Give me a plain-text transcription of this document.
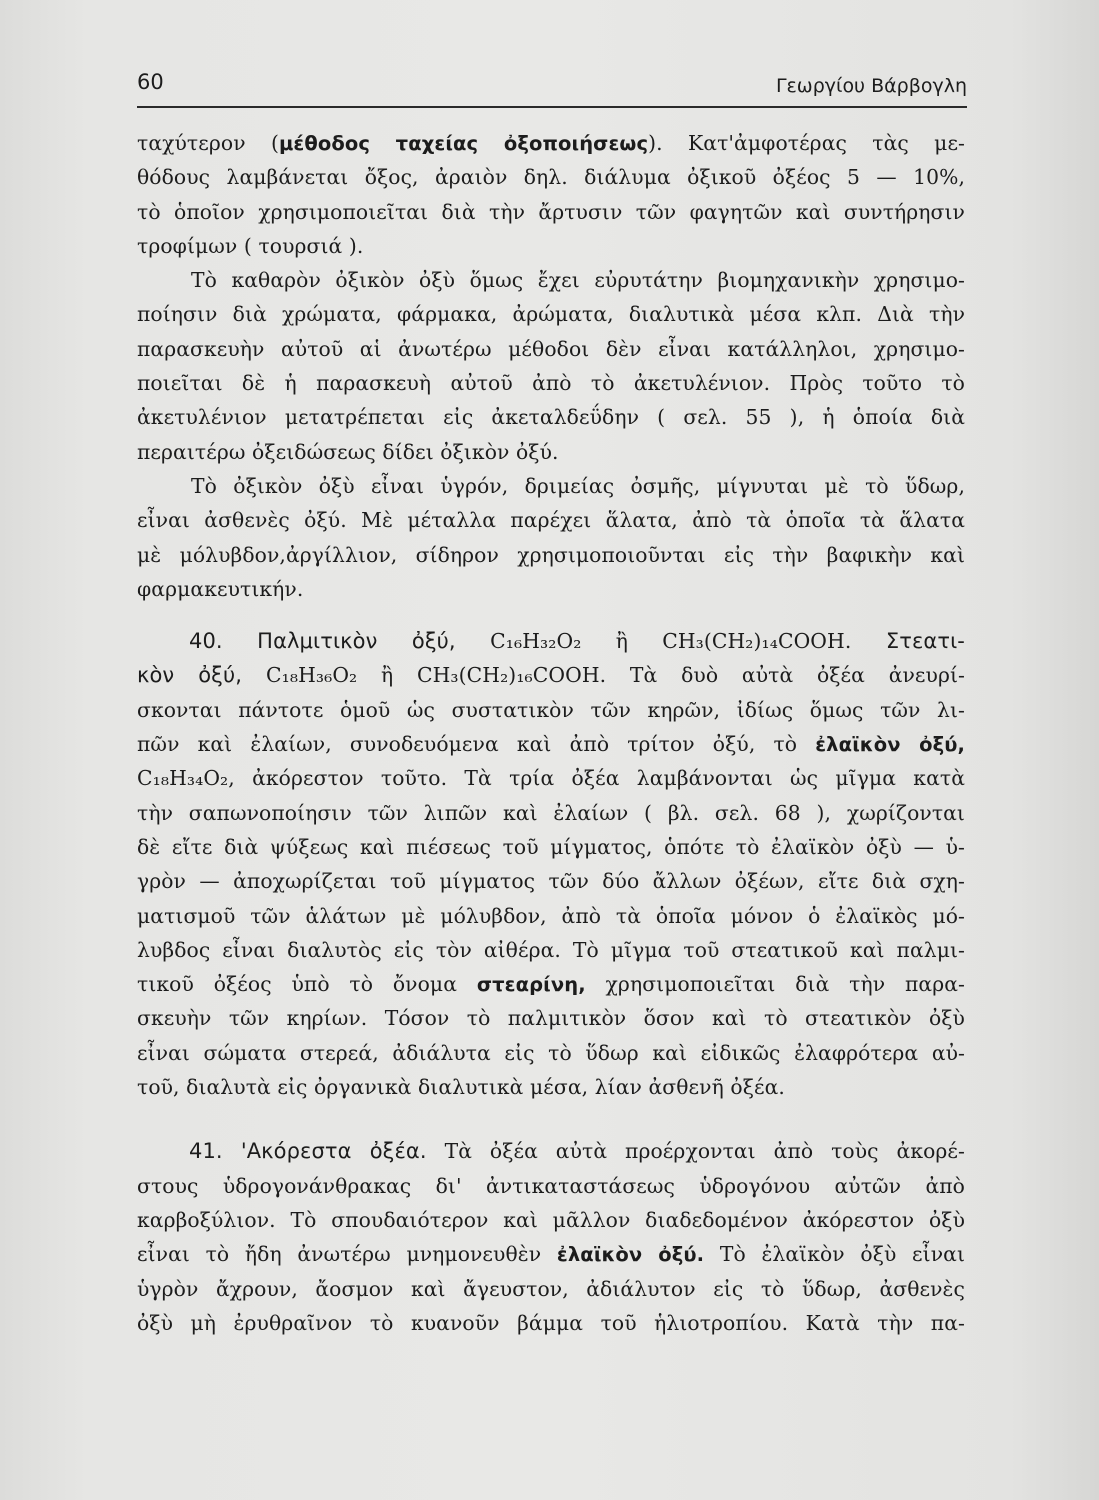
60	Γεωργίου Βάρβογλη
ταχύτερον (μέθοδος ταχείας ὀξοποιήσεως). Κατ'ἀμφοτέρας τὰς με-
θόδους λαμβάνεται ὄξος, ἀραιὸν δηλ. διάλυμα ὀξικοῦ ὀξέος 5 — 10%,
τὸ ὁποῖον χρησιμοποιεῖται διὰ τὴν ἄρτυσιν τῶν φαγητῶν καὶ συντήρησιν
τροφίμων ( τουρσιά ).
Τὸ καθαρὸν ὀξικὸν ὀξὺ ὅμως ἔχει εὐρυτάτην βιομηχανικὴν χρησιμο-
ποίησιν διὰ χρώματα, φάρμακα, ἀρώματα, διαλυτικὰ μέσα κλπ. Διὰ τὴν
παρασκευὴν αὐτοῦ αἱ ἀνωτέρω μέθοδοι δὲν εἶναι κατάλληλοι, χρησιμο-
ποιεῖται δὲ ἡ παρασκευὴ αὐτοῦ ἀπὸ τὸ ἀκετυλένιον. Πρὸς τοῦτο τὸ
ἀκετυλένιον μετατρέπεται εἰς ἀκεταλδεΰδην ( σελ. 55 ), ἡ ὁποία διὰ
περαιτέρω ὀξειδώσεως δίδει ὀξικὸν ὀξύ.
Τὸ ὀξικὸν ὀξὺ εἶναι ὑγρόν, δριμείας ὀσμῆς, μίγνυται μὲ τὸ ὕδωρ,
εἶναι ἀσθενὲς ὀξύ. Μὲ μέταλλα παρέχει ἅλατα, ἀπὸ τὰ ὁποῖα τὰ ἅλατα
μὲ μόλυβδον,ἀργίλλιον, σίδηρον χρησιμοποιοῦνται εἰς τὴν βαφικὴν καὶ
φαρμακευτικήν.
40. Παλμιτικὸν ὀξύ, C₁₆H₃₂O₂ ἢ CH₃(CH₂)₁₄COOH. Στεατι-
κὸν ὀξύ, C₁₈H₃₆O₂ ἢ CH₃(CH₂)₁₆COOH. Τὰ δυὸ αὐτὰ ὀξέα ἀνευρί-
σκονται πάντοτε ὁμοῦ ὡς συστατικὸν τῶν κηρῶν, ἰδίως ὅμως τῶν λι-
πῶν καὶ ἐλαίων, συνοδευόμενα καὶ ἀπὸ τρίτον ὀξύ, τὸ ἐλαϊκὸν ὀξύ,
C₁₈H₃₄O₂, ἀκόρεστον τοῦτο. Τὰ τρία ὀξέα λαμβάνονται ὡς μῖγμα κατὰ
τὴν σαπωνοποίησιν τῶν λιπῶν καὶ ἐλαίων ( βλ. σελ. 68 ), χωρίζονται
δὲ εἴτε διὰ ψύξεως καὶ πιέσεως τοῦ μίγματος, ὁπότε τὸ ἐλαϊκὸν ὀξὺ — ὑ-
γρὸν — ἀποχωρίζεται τοῦ μίγματος τῶν δύο ἄλλων ὀξέων, εἴτε διὰ σχη-
ματισμοῦ τῶν ἁλάτων μὲ μόλυβδον, ἀπὸ τὰ ὁποῖα μόνον ὁ ἐλαϊκὸς μό-
λυβδος εἶναι διαλυτὸς εἰς τὸν αἰθέρα. Τὸ μῖγμα τοῦ στεατικοῦ καὶ παλμι-
τικοῦ ὀξέος ὑπὸ τὸ ὄνομα στεαρίνη, χρησιμοποιεῖται διὰ τὴν παρα-
σκευὴν τῶν κηρίων. Τόσον τὸ παλμιτικὸν ὅσον καὶ τὸ στεατικὸν ὀξὺ
εἶναι σώματα στερεά, ἀδιάλυτα εἰς τὸ ὕδωρ καὶ εἰδικῶς ἐλαφρότερα αὐ-
τοῦ, διαλυτὰ εἰς ὀργανικὰ διαλυτικὰ μέσα, λίαν ἀσθενῆ ὀξέα.
41. 'Ακόρεστα ὀξέα. Τὰ ὀξέα αὐτὰ προέρχονται ἀπὸ τοὺς ἀκορέ-
στους ὑδρογονάνθρακας δι' ἀντικαταστάσεως ὑδρογόνου αὐτῶν ἀπὸ
καρβοξύλιον. Τὸ σπουδαιότερον καὶ μᾶλλον διαδεδομένον ἀκόρεστον ὀξὺ
εἶναι τὸ ἤδη ἀνωτέρω μνημονευθὲν ἐλαϊκὸν ὀξύ. Τὸ ἐλαϊκὸν ὀξὺ εἶναι
ὑγρὸν ἄχρουν, ἄοσμον καὶ ἄγευστον, ἀδιάλυτον εἰς τὸ ὕδωρ, ἀσθενὲς
ὀξὺ μὴ ἐρυθραῖνον τὸ κυανοῦν βάμμα τοῦ ἡλιοτροπίου. Κατὰ τὴν πα-
